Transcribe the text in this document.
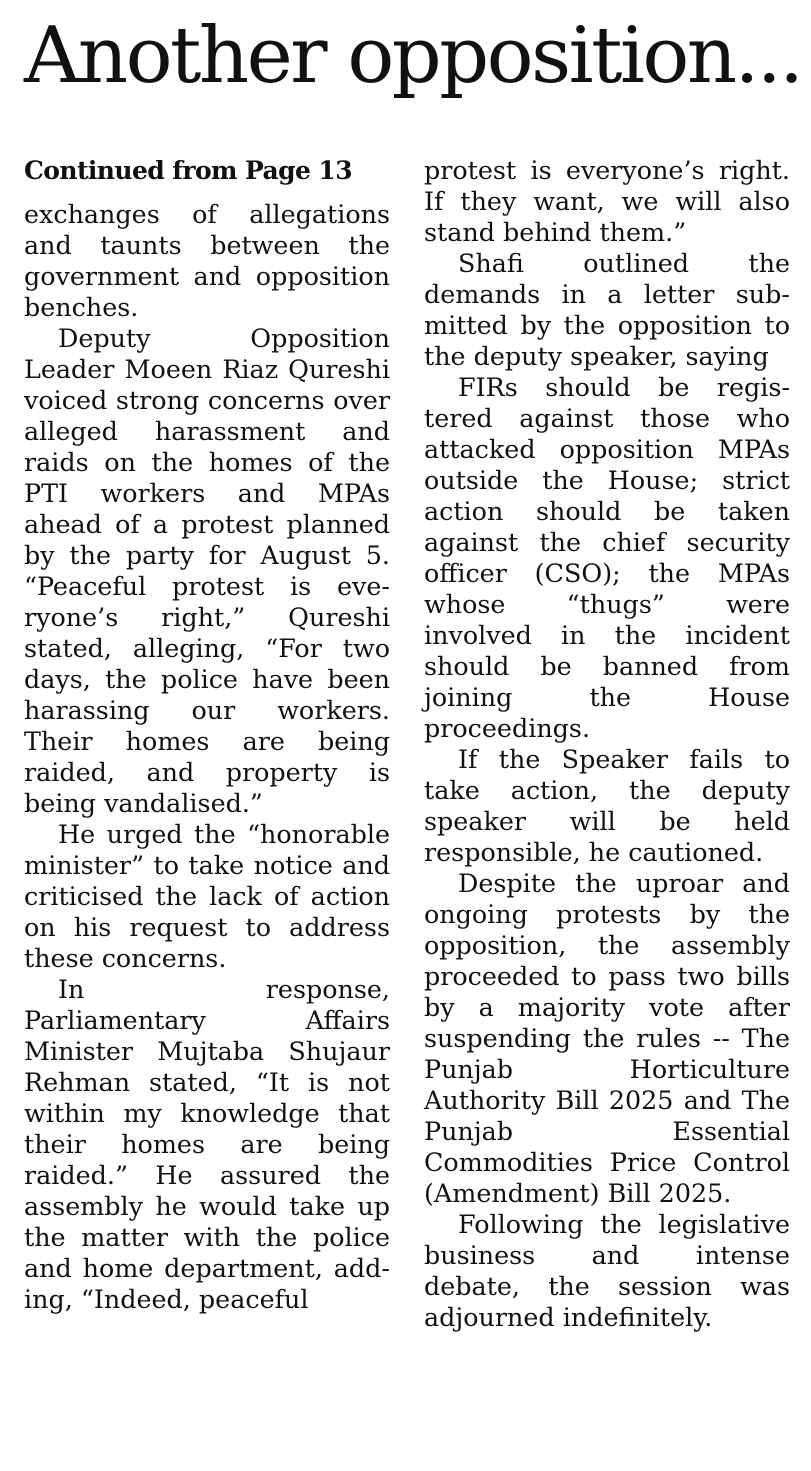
Another opposition...
Continued from Page 13

exchanges of allegations and taunts between the government and opposition benches.

Deputy Opposition Leader Moeen Riaz Qureshi voiced strong concerns over alleged harassment and raids on the homes of the PTI workers and MPAs ahead of a protest planned by the party for August 5. “Peaceful protest is everyone’s right,” Qureshi stated, alleging, “For two days, the police have been harassing our workers. Their homes are being raided, and property is being vandalised.”

He urged the “honorable minister” to take notice and criticised the lack of action on his request to address these concerns.

In response, Parliamentary Affairs Minister Mujtaba Shujaur Rehman stated, “It is not within my knowledge that their homes are being raided.” He assured the assembly he would take up the matter with the police and home department, adding, “Indeed, peaceful

protest is everyone’s right. If they want, we will also stand behind them.”

Shafi outlined the demands in a letter submitted by the opposition to the deputy speaker, saying

FIRs should be registered against those who attacked opposition MPAs outside the House; strict action should be taken against the chief security officer (CSO); the MPAs whose “thugs” were involved in the incident should be banned from joining the House proceedings.

If the Speaker fails to take action, the deputy speaker will be held responsible, he cautioned.

Despite the uproar and ongoing protests by the opposition, the assembly proceeded to pass two bills by a majority vote after suspending the rules -- The Punjab Horticulture Authority Bill 2025 and The Punjab Essential Commodities Price Control (Amendment) Bill 2025.

Following the legislative business and intense debate, the session was adjourned indefinitely.
